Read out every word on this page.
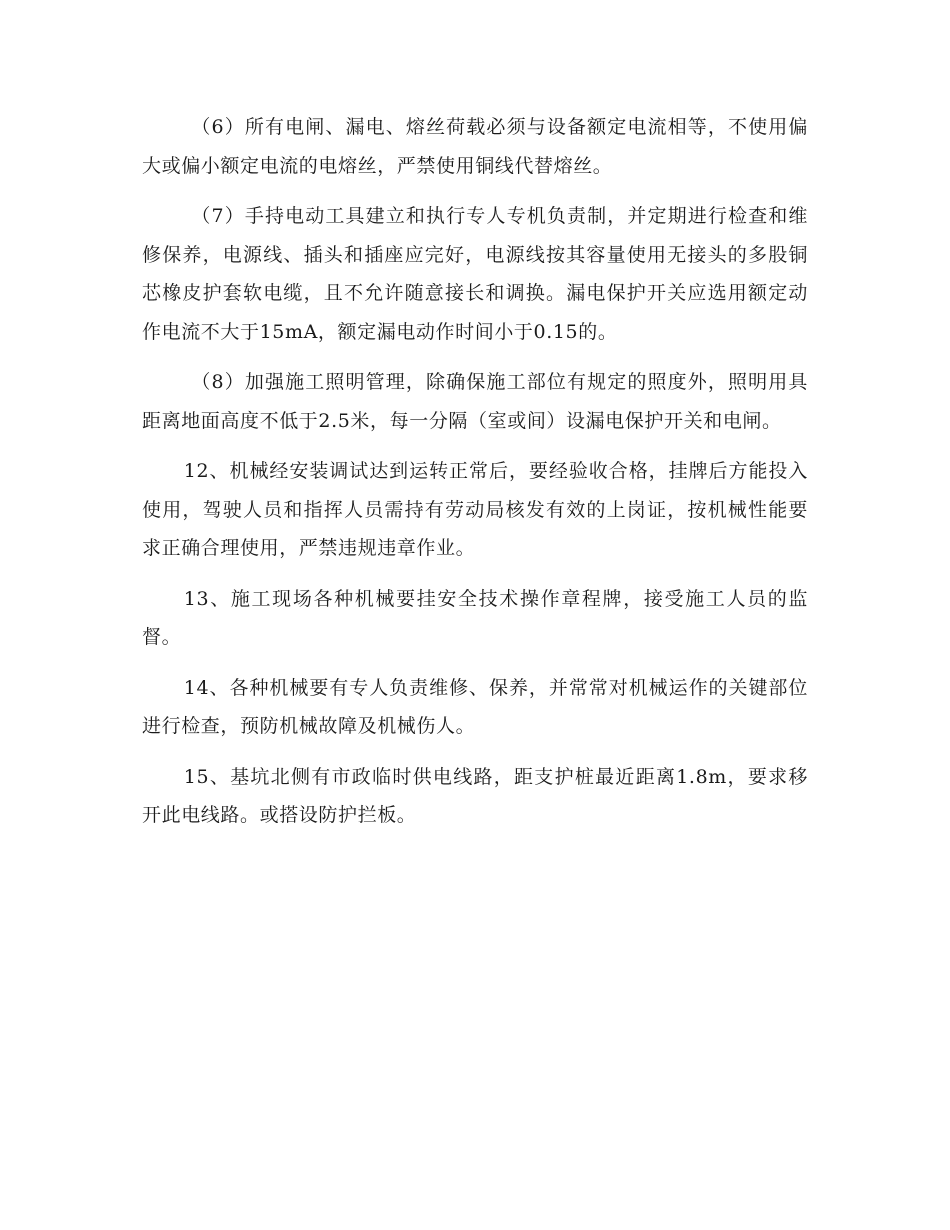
（6）所有电闸、漏电、熔丝荷载必须与设备额定电流相等，不使用偏大或偏小额定电流的电熔丝，严禁使用铜线代替熔丝。

（7）手持电动工具建立和执行专人专机负责制，并定期进行检查和维修保养，电源线、插头和插座应完好，电源线按其容量使用无接头的多股铜芯橡皮护套软电缆，且不允许随意接长和调换。漏电保护开关应选用额定动作电流不大于15mA，额定漏电动作时间小于0.15的。

（8）加强施工照明管理，除确保施工部位有规定的照度外，照明用具距离地面高度不低于2.5米，每一分隔（室或间）设漏电保护开关和电闸。

12、机械经安装调试达到运转正常后，要经验收合格，挂牌后方能投入使用，驾驶人员和指挥人员需持有劳动局核发有效的上岗证，按机械性能要求正确合理使用，严禁违规违章作业。

13、施工现场各种机械要挂安全技术操作章程牌，接受施工人员的监督。

14、各种机械要有专人负责维修、保养，并常常对机械运作的关键部位进行检查，预防机械故障及机械伤人。

15、基坑北侧有市政临时供电线路，距支护桩最近距离1.8m，要求移开此电线路。或搭设防护拦板。
